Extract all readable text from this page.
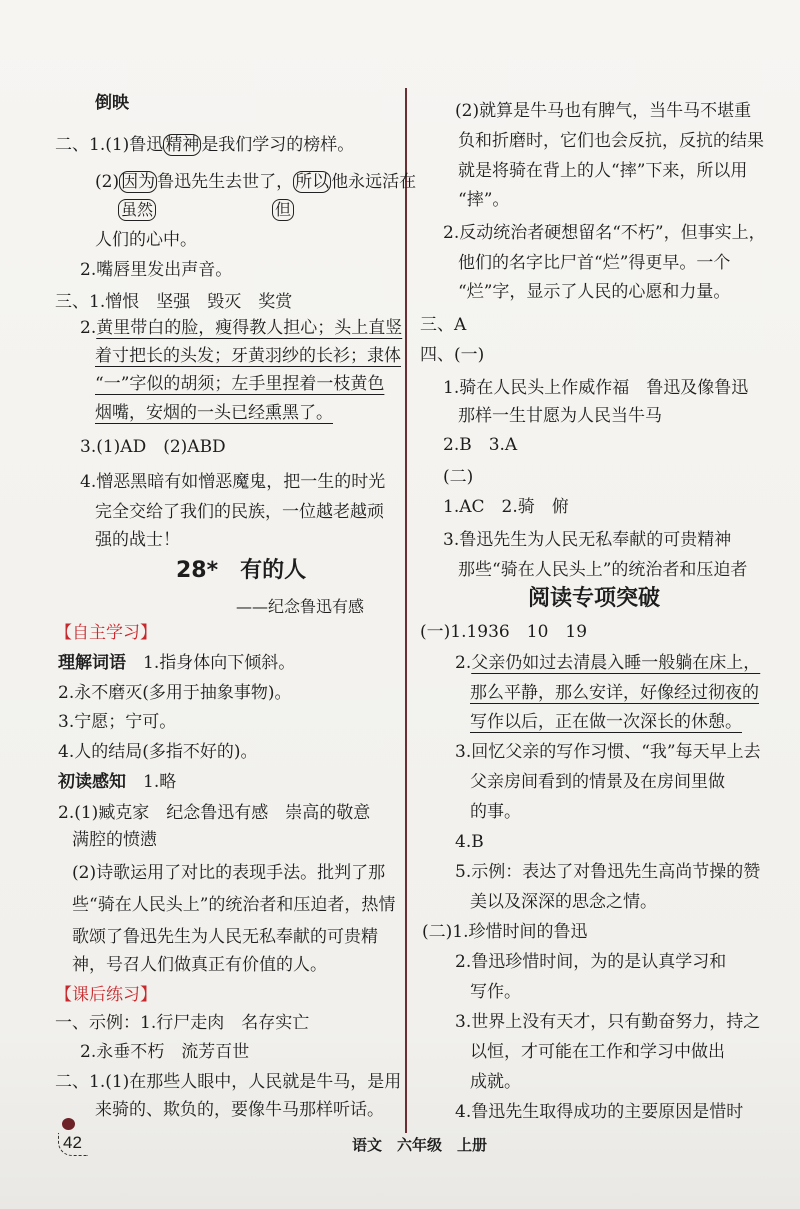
倒映
二、1.(1)鲁迅 精神 是我们学习的榜样。
(2) 因为 鲁迅先生去世了， 所以 他永远活在
虽然	但
人们的心中。
2.嘴唇里发出声音。
三、1.憎恨　坚强　毁灭　奖赏
2.黄里带白的脸，瘦得教人担心；头上直竖
着寸把长的头发；牙黄羽纱的长衫；隶体
“一”字似的胡须；左手里捏着一枝黄色
烟嘴，安烟的一头已经熏黑了。
3.(1)AD　(2)ABD
4.憎恶黑暗有如憎恶魔鬼，把一生的时光
完全交给了我们的民族，一位越老越顽
强的战士！
28*　有的人
——纪念鲁迅有感
【自主学习】
理解词语　1.指身体向下倾斜。
2.永不磨灭(多用于抽象事物)。
3.宁愿；宁可。
4.人的结局(多指不好的)。
初读感知　1.略
2.(1)臧克家　纪念鲁迅有感　崇高的敬意
满腔的愤懑
(2)诗歌运用了对比的表现手法。批判了那
些“骑在人民头上”的统治者和压迫者，热情
歌颂了鲁迅先生为人民无私奉献的可贵精
神，号召人们做真正有价值的人。
【课后练习】
一、示例：1.行尸走肉　名存实亡
2.永垂不朽　流芳百世
二、1.(1)在那些人眼中，人民就是牛马，是用
来骑的、欺负的，要像牛马那样听话。
(2)就算是牛马也有脾气，当牛马不堪重
负和折磨时，它们也会反抗，反抗的结果
就是将骑在背上的人“摔”下来，所以用
“摔”。
2.反动统治者硬想留名“不朽”，但事实上，
他们的名字比尸首“烂”得更早。一个
“烂”字，显示了人民的心愿和力量。
三、A
四、(一)
1.骑在人民头上作威作福　鲁迅及像鲁迅
那样一生甘愿为人民当牛马
2.B　3.A
(二)
1.AC　2.骑　俯
3.鲁迅先生为人民无私奉献的可贵精神
那些“骑在人民头上”的统治者和压迫者
阅读专项突破
(一)1.1936　10　19
2.父亲仍如过去清晨入睡一般躺在床上，
那么平静，那么安详，好像经过彻夜的
写作以后，正在做一次深长的休憩。
3.回忆父亲的写作习惯、“我”每天早上去
父亲房间看到的情景及在房间里做
的事。
4.B
5.示例：表达了对鲁迅先生高尚节操的赞
美以及深深的思念之情。
(二)1.珍惜时间的鲁迅
2.鲁迅珍惜时间，为的是认真学习和
写作。
3.世界上没有天才，只有勤奋努力，持之
以恒，才可能在工作和学习中做出
成就。
4.鲁迅先生取得成功的主要原因是惜时
42	语文　六年级　上册
